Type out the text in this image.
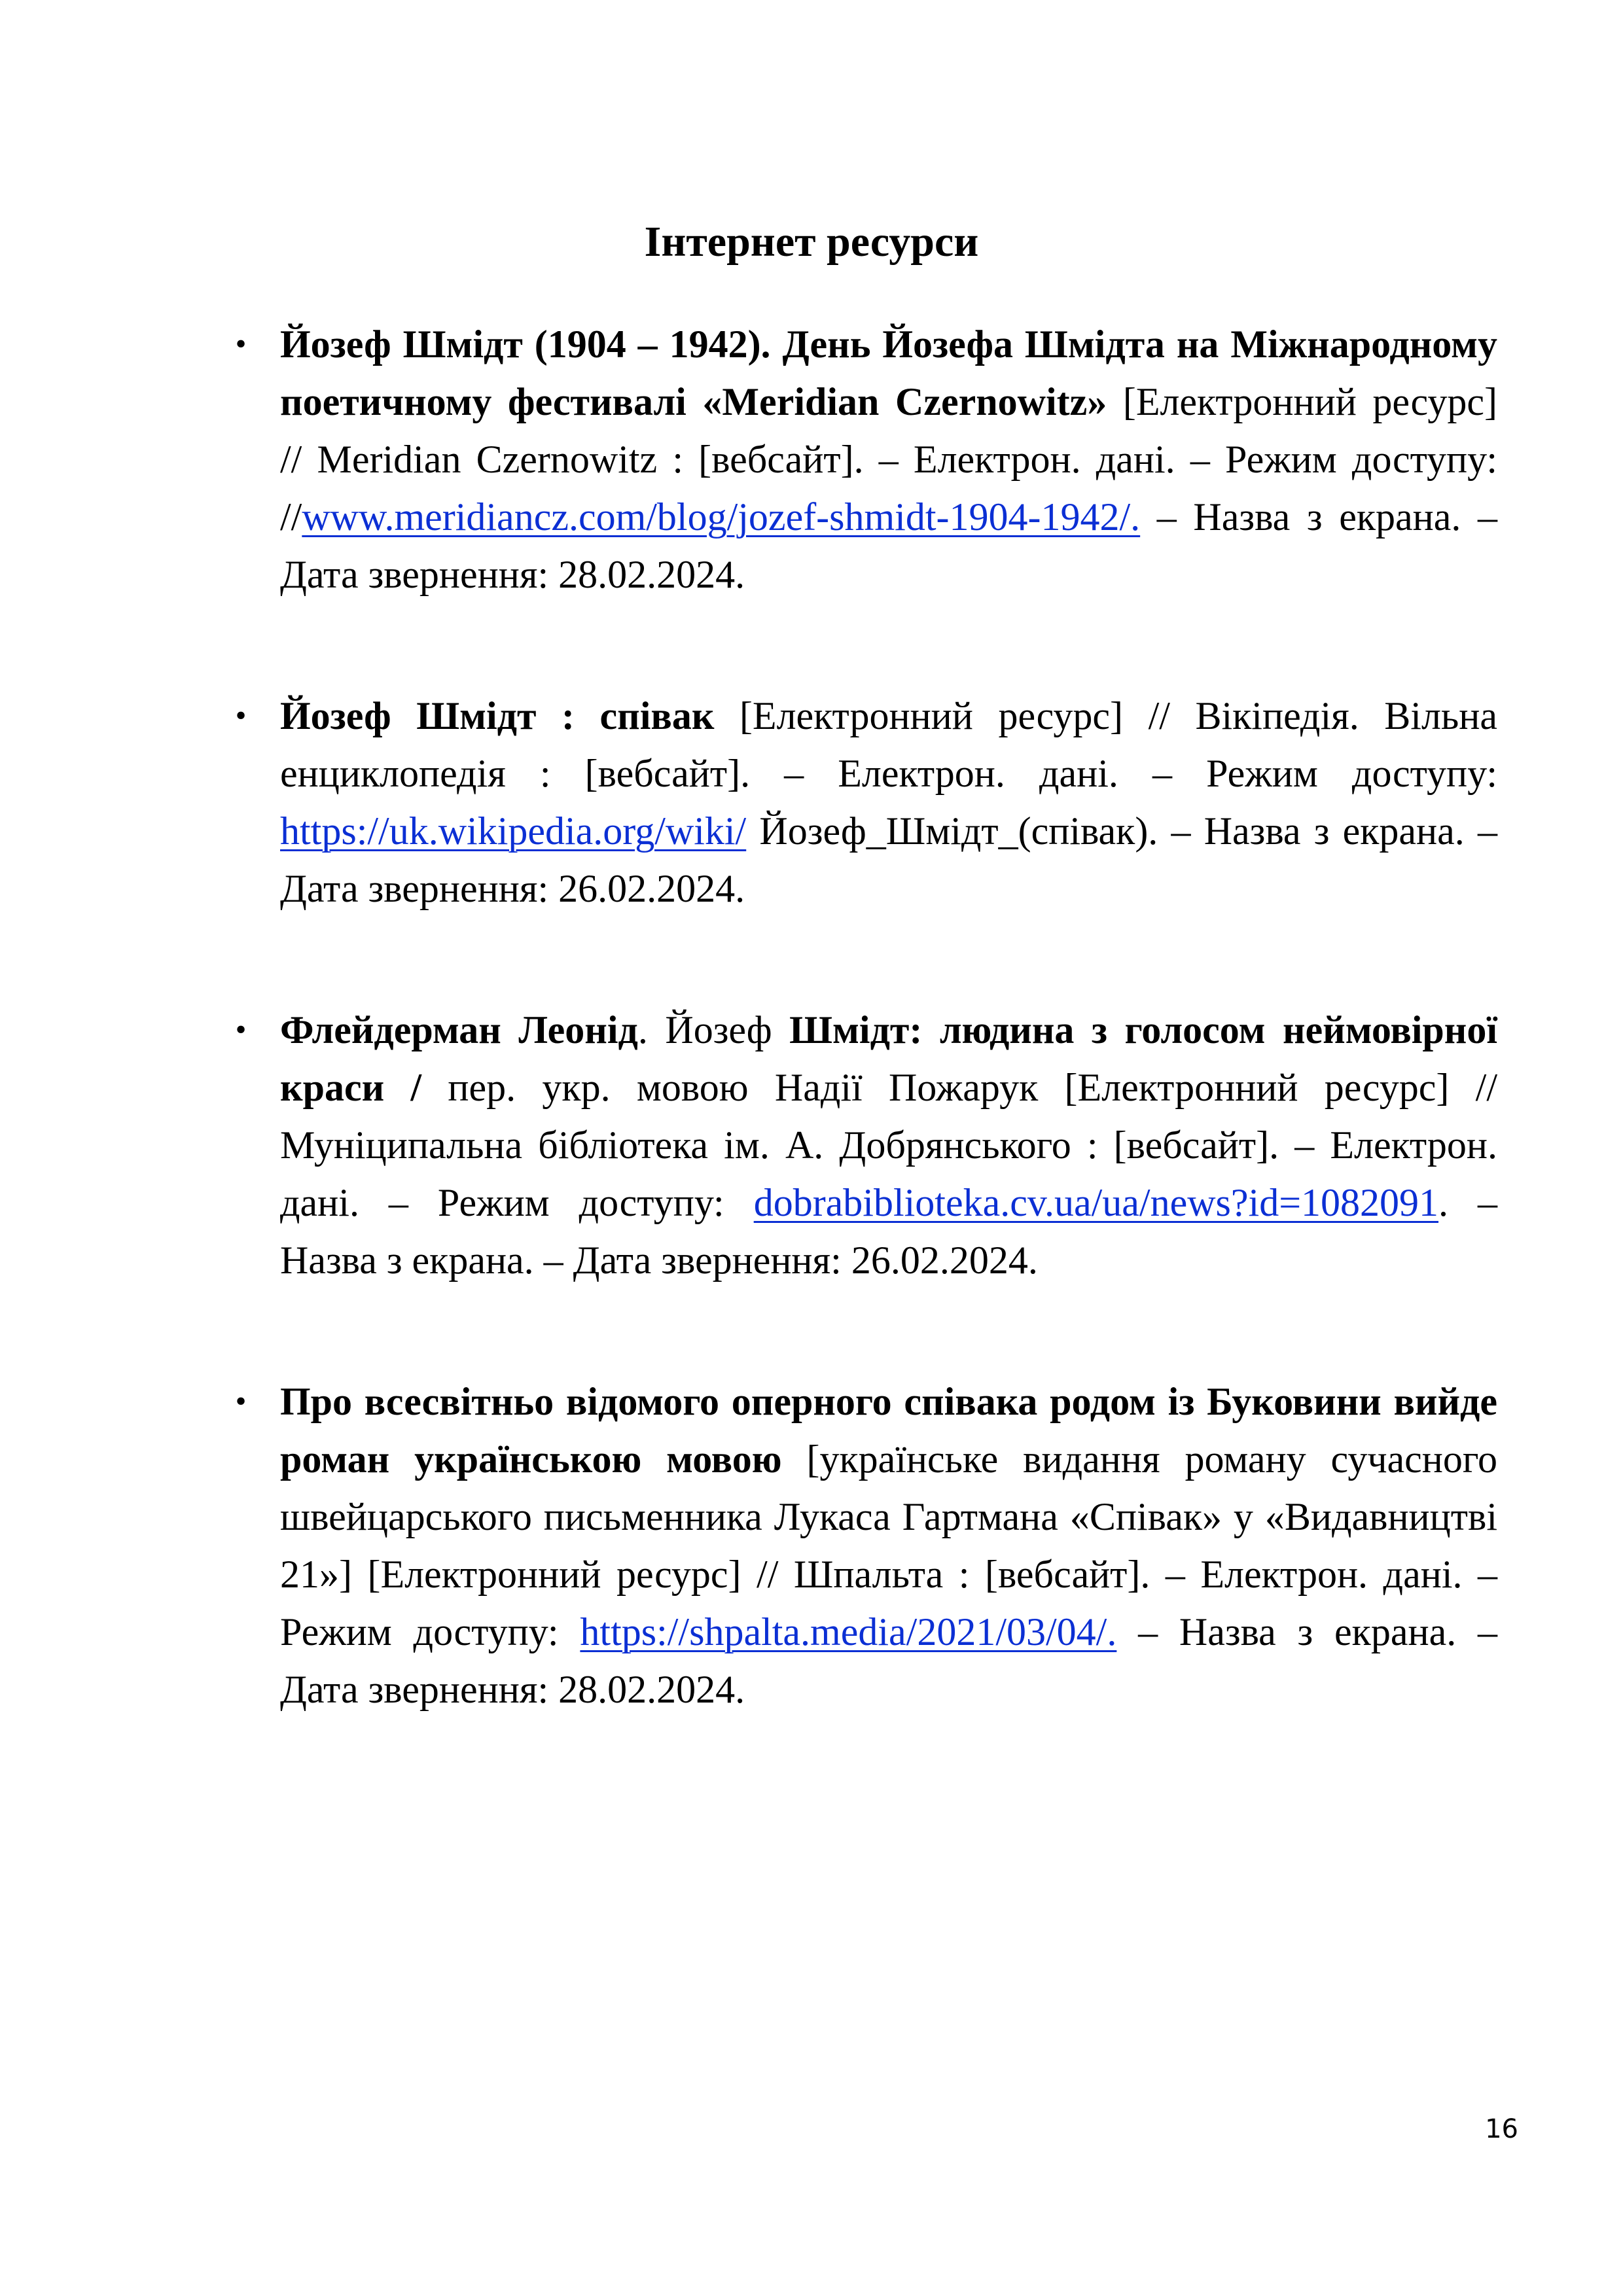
Інтернет ресурси
• Йозеф Шмідт (1904 – 1942). День Йозефа Шмідта на Міжнародному поетичному фестивалі «Meridian Czernowitz» [Електронний ресурс] // Meridian Czernowitz : [вебсайт]. – Електрон. дані. – Режим доступу: //www.meridiancz.com/blog/jozef-shmidt-1904-1942/. – Назва з екрана. – Дата звернення: 28.02.2024.
• Йозеф Шмідт : співак [Електронний ресурс] // Вікіпедія. Вільна енциклопедія : [вебсайт]. – Електрон. дані. – Режим доступу: https://uk.wikipedia.org/wiki/ Йозеф_Шмідт_(співак). – Назва з екрана. – Дата звернення: 26.02.2024.
• Флейдерман Леонід. Йозеф Шмідт: людина з голосом неймовірної краси / пер. укр. мовою Надії Пожарук [Електронний ресурс] // Муніципальна бібліотека ім. А. Добрянського : [вебсайт]. – Електрон. дані. – Режим доступу: dobrabiblioteka.cv.ua/ua/news?id=1082091. – Назва з екрана. – Дата звернення: 26.02.2024.
• Про всесвітньо відомого оперного співака родом із Буковини вийде роман українською мовою [українське видання роману сучасного швейцарського письменника Лукаса Гартмана «Співак» у «Видавництві 21»] [Електронний ресурс] // Шпальта : [вебсайт]. – Електрон. дані. – Режим доступу: https://shpalta.media/2021/03/04/. – Назва з екрана. – Дата звернення: 28.02.2024.
16
